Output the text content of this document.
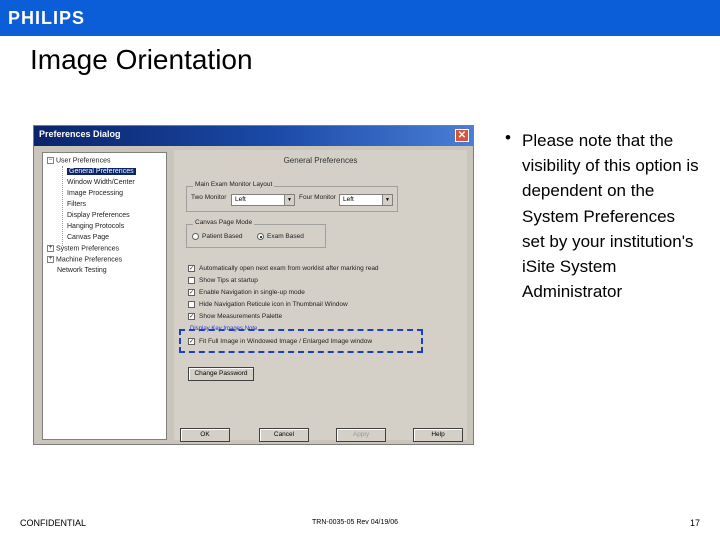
PHILIPS
Image Orientation
Preferences Dialog	✕
− User Preferences
General Preferences
Window Width/Center
Image Processing
Filters
Display Preferences
Hanging Protocols
Canvas Page
+ System Preferences
+ Machine Preferences
Network Testing
General Preferences
Main Exam Monitor Layout
Two Monitor	Left	▼	Four Monitor	Left	▼
Canvas Page Mode
Patient Based	Exam Based
✓ Automatically open next exam from worklist after marking read
Show Tips at startup
✓ Enable Navigation in single-up mode
Hide Navigation Reticule icon in Thumbnail Window
✓ Show Measurements Palette
Display Key Images Note
✓ Fit Full Image in Windowed Image / Enlarged Image window
Change Password
OK	Cancel	Apply	Help
• Please note that the visibility of this option is dependent on the System Preferences set by your institution's iSite System Administrator
CONFIDENTIAL	TRN-0035-05 Rev 04/19/06	17
